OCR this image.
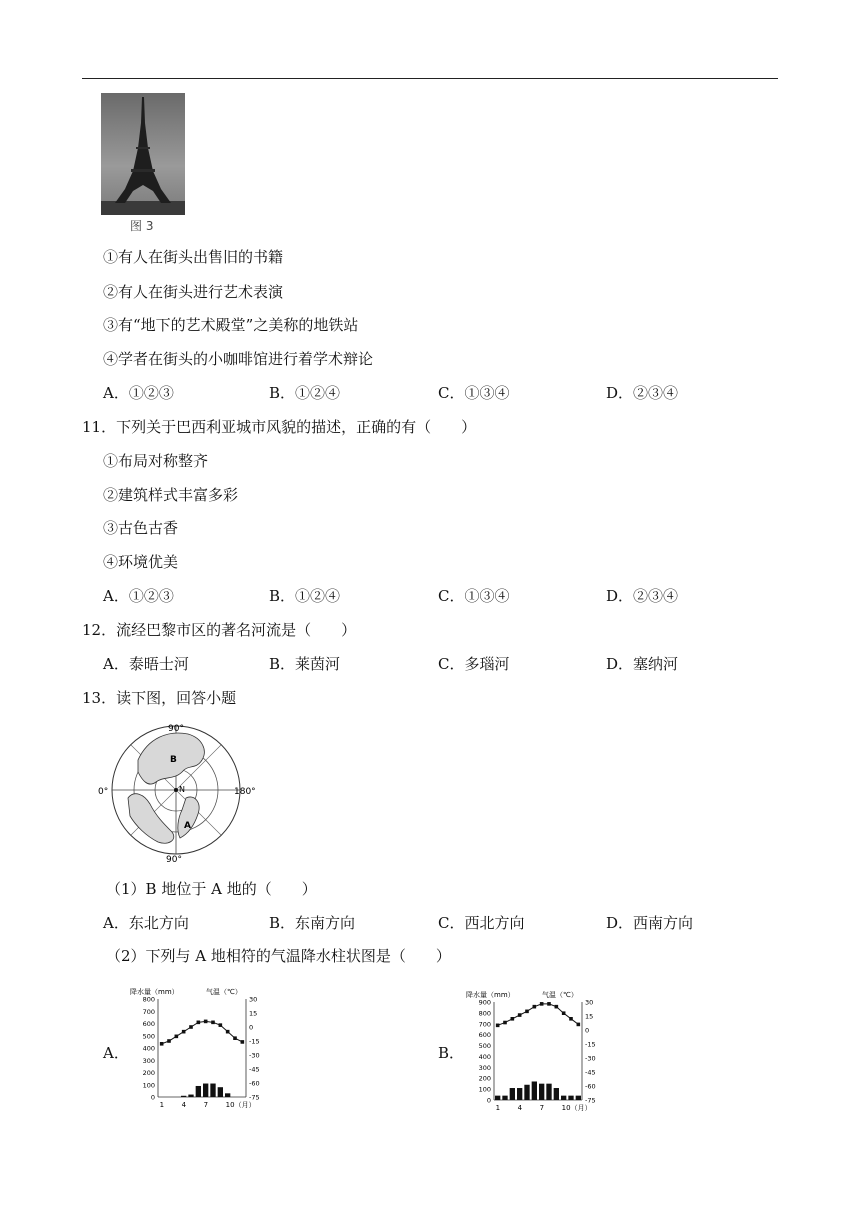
图 3
①有人在街头出售旧的书籍
②有人在街头进行艺术表演
③有“地下的艺术殿堂”之美称的地铁站
④学者在街头的小咖啡馆进行着学术辩论
A．①②③	B．①②④	C．①③④	D．②③④
11．下列关于巴西利亚城市风貌的描述，正确的有（　　）
①布局对称整齐
②建筑样式丰富多彩
③古色古香
④环境优美
A．①②③	B．①②④	C．①③④	D．②③④
12．流经巴黎市区的著名河流是（　　）
A．泰晤士河	B．莱茵河	C．多瑙河	D．塞纳河
13．读下图，回答小题
N
B
A
90°
0°	180°
90°
（1）B 地位于 A 地的（　　）
A．东北方向	B．东南方向	C．西北方向	D．西南方向
（2）下列与 A 地相符的气温降水柱状图是（　　）
A．	B．
降水量（mm）	气温（℃）
800
700
600
500
400
300
200
100
0
30
15
0
-15
-30
-45
-60
-75
1	4	7	10（月）
降水量（mm）	气温（℃）
900
800
700
600
500
400
300
200
100
0
30
15
0
-15
-30
-45
-60
-75
1	4	7	10（月）
